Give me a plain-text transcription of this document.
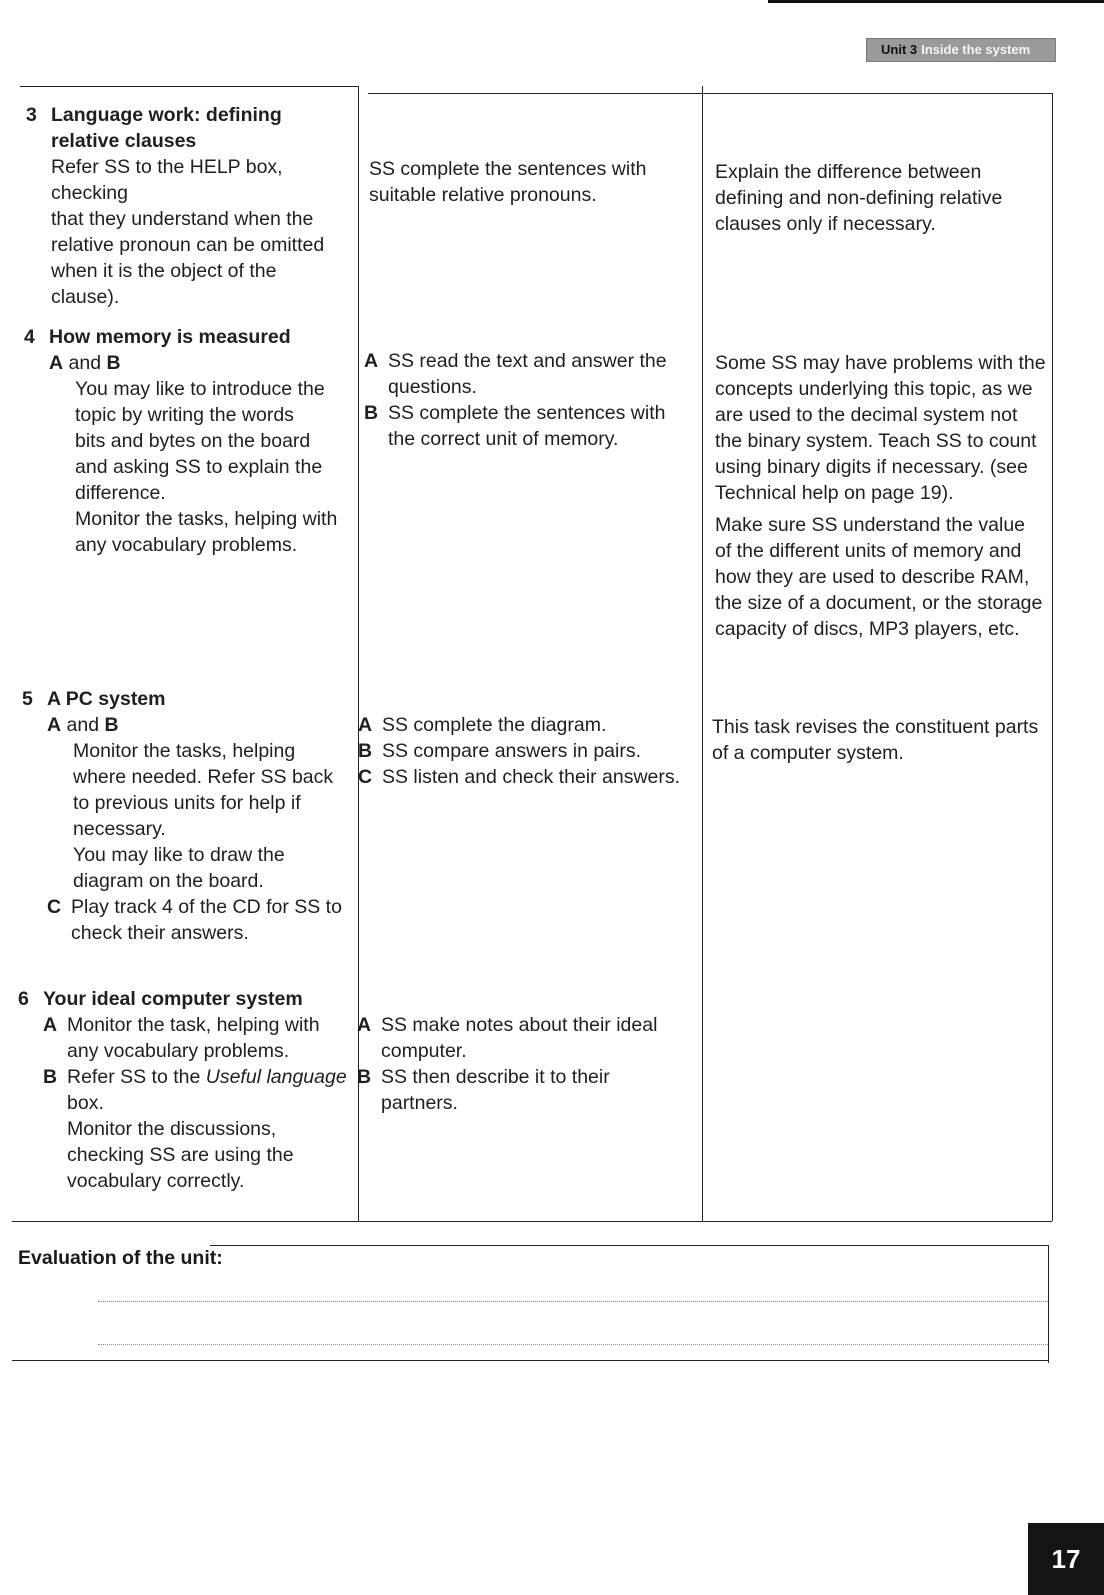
Unit 3 Inside the system
3 Language work: defining
relative clauses
Refer SS to the HELP box, checking
that they understand when the
relative pronoun can be omitted
when it is the object of the
clause).
SS complete the sentences with
suitable relative pronouns.
Explain the difference between
defining and non-defining relative
clauses only if necessary.
4 How memory is measured
A and B
You may like to introduce the
topic by writing the words
bits and bytes on the board
and asking SS to explain the
difference.
Monitor the tasks, helping with
any vocabulary problems.
A SS read the text and answer the
questions.
B SS complete the sentences with
the correct unit of memory.
Some SS may have problems with the
concepts underlying this topic, as we
are used to the decimal system not
the binary system. Teach SS to count
using binary digits if necessary. (see
Technical help on page 19).
Make sure SS understand the value
of the different units of memory and
how they are used to describe RAM,
the size of a document, or the storage
capacity of discs, MP3 players, etc.
5 A PC system
A and B
Monitor the tasks, helping
where needed. Refer SS back
to previous units for help if
necessary.
You may like to draw the
diagram on the board.
C Play track 4 of the CD for SS to
check their answers.
A SS complete the diagram.
B SS compare answers in pairs.
C SS listen and check their answers.
This task revises the constituent parts
of a computer system.
6 Your ideal computer system
A Monitor the task, helping with
any vocabulary problems.
B Refer SS to the Useful language
box.
Monitor the discussions,
checking SS are using the
vocabulary correctly.
A SS make notes about their ideal
computer.
B SS then describe it to their
partners.
Evaluation of the unit:
17
